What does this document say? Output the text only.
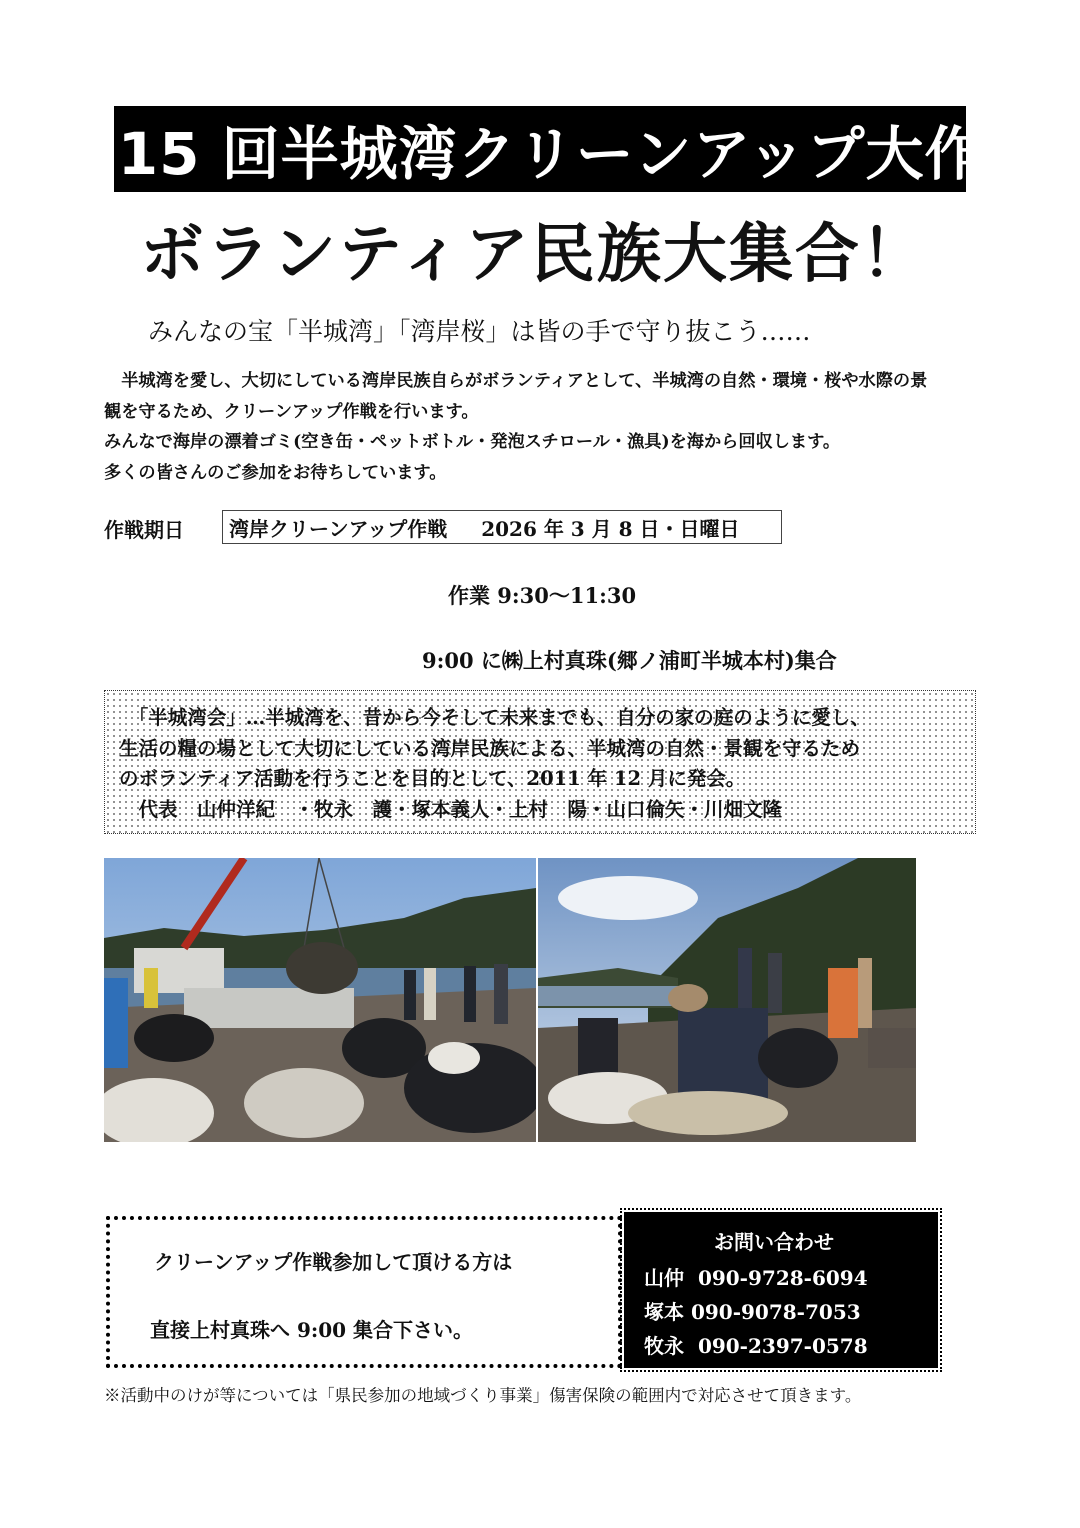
第 15 回半城湾クリーンアップ大作戦
ボランティア民族大集合！
みんなの宝「半城湾」「湾岸桜」は皆の手で守り抜こう……

　半城湾を愛し、大切にしている湾岸民族自らがボランティアとして、半城湾の自然・環境・桜や水際の景

観を守るため、クリーンアップ作戦を行います。

みんなで海岸の漂着ゴミ(空き缶・ペットボトル・発泡スチロール・漁具)を海から回収します。

多くの皆さんのご参加をお待ちしています。

作戦期日 湾岸クリーンアップ作戦 2026 年 3 月 8 日・日曜日
作業 9:30～11:30
9:00 に㈱上村真珠(郷ノ浦町半城本村)集合

　「半城湾会」…半城湾を、昔から今そして未来までも、自分の家の庭のように愛し、

生活の糧の場として大切にしている湾岸民族による、半城湾の自然・景観を守るため

のボランティア活動を行うことを目的として、2011 年 12 月に発会。

　代表　山仲洋紀　・牧永　護・塚本義人・上村　陽・山口倫矢・川畑文隆

クリーンアップ作戦参加して頂ける方は
直接上村真珠へ 9:00 集合下さい。
お問い合わせ
山仲 090-9728-6094
塚本 090-9078-7053
牧永 090-2397-0578
※活動中のけが等については「県民参加の地域づくり事業」傷害保険の範囲内で対応させて頂きます。
